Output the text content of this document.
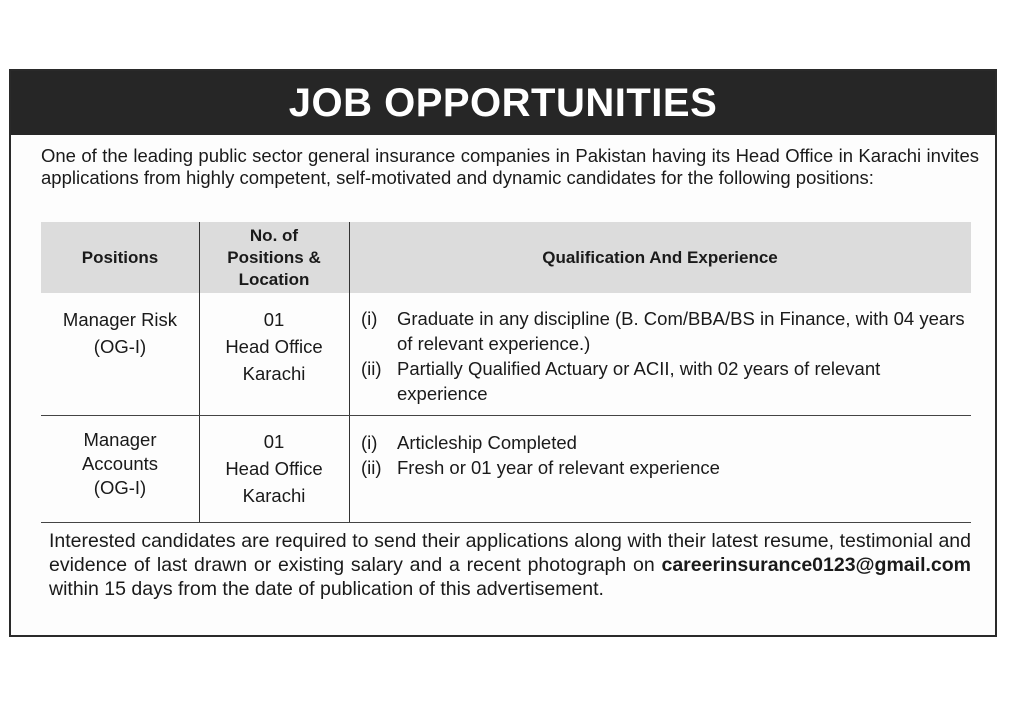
JOB OPPORTUNITIES
One of the leading public sector general insurance companies in Pakistan having its Head Office in Karachi invites applications from highly competent, self-motivated and dynamic candidates for the following positions:
Positions
No. of
Positions &
Location
Qualification And Experience
Manager Risk
(OG-I)
01
Head Office
Karachi
(i)	Graduate in any discipline (B. Com/BBA/BS in Finance, with 04 years of relevant experience.)
(ii) Partially Qualified Actuary or ACII, with 02 years of relevant experience
Manager
Accounts
(OG-I)
01
Head Office
Karachi
(i)	Articleship Completed
(ii) Fresh or 01 year of relevant experience
Interested candidates are required to send their applications along with their latest resume, testimonial and evidence of last drawn or existing salary and a recent photograph on careerinsurance0123@gmail.com within 15 days from the date of publication of this advertisement.
